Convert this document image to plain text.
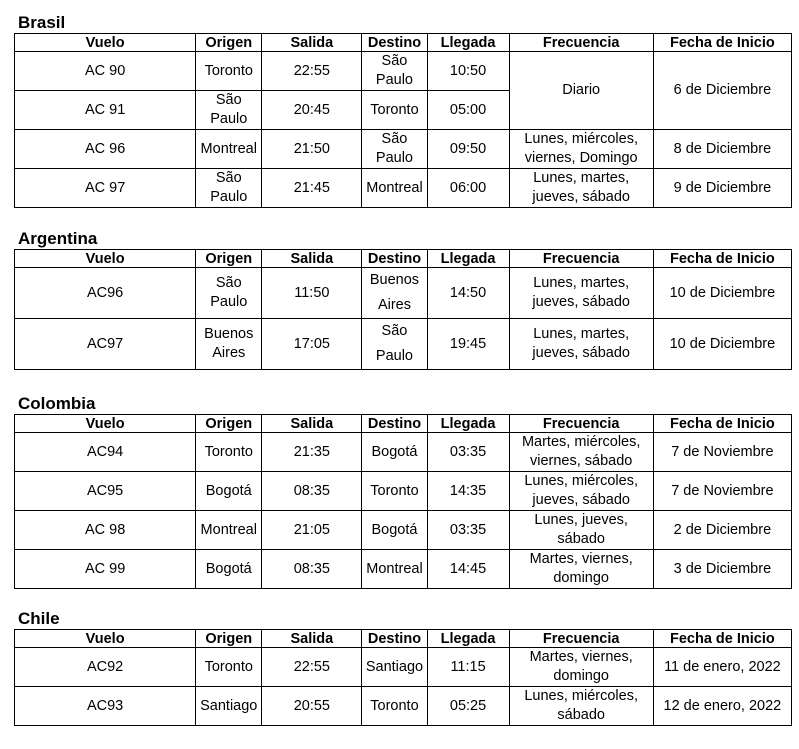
Brasil
Vuelo	Origen	Salida	Destino	Llegada	Frecuencia	Fecha de Inicio
AC 90	Toronto	22:55	São Paulo	10:50	Diario	6 de Diciembre
AC 91	São Paulo	20:45	Toronto	05:00		
AC 96	Montreal	21:50	São Paulo	09:50	Lunes, miércoles, viernes, Domingo	8 de Diciembre
AC 97	São Paulo	21:45	Montreal	06:00	Lunes, martes, jueves, sábado	9 de Diciembre
Argentina
Vuelo	Origen	Salida	Destino	Llegada	Frecuencia	Fecha de Inicio
AC96	São Paulo	11:50	Buenos Aires	14:50	Lunes, martes, jueves, sábado	10 de Diciembre
AC97	Buenos Aires	17:05	São Paulo	19:45	Lunes, martes, jueves, sábado	10 de Diciembre
Colombia
Vuelo	Origen	Salida	Destino	Llegada	Frecuencia	Fecha de Inicio
AC94	Toronto	21:35	Bogotá	03:35	Martes, miércoles, viernes, sábado	7 de Noviembre
AC95	Bogotá	08:35	Toronto	14:35	Lunes, miércoles, jueves, sábado	7 de Noviembre
AC 98	Montreal	21:05	Bogotá	03:35	Lunes, jueves, sábado	2 de Diciembre
AC 99	Bogotá	08:35	Montreal	14:45	Martes, viernes, domingo	3 de Diciembre
Chile
Vuelo	Origen	Salida	Destino	Llegada	Frecuencia	Fecha de Inicio
AC92	Toronto	22:55	Santiago	11:15	Martes, viernes, domingo	11 de enero, 2022
AC93	Santiago	20:55	Toronto	05:25	Lunes, miércoles, sábado	12 de enero, 2022
